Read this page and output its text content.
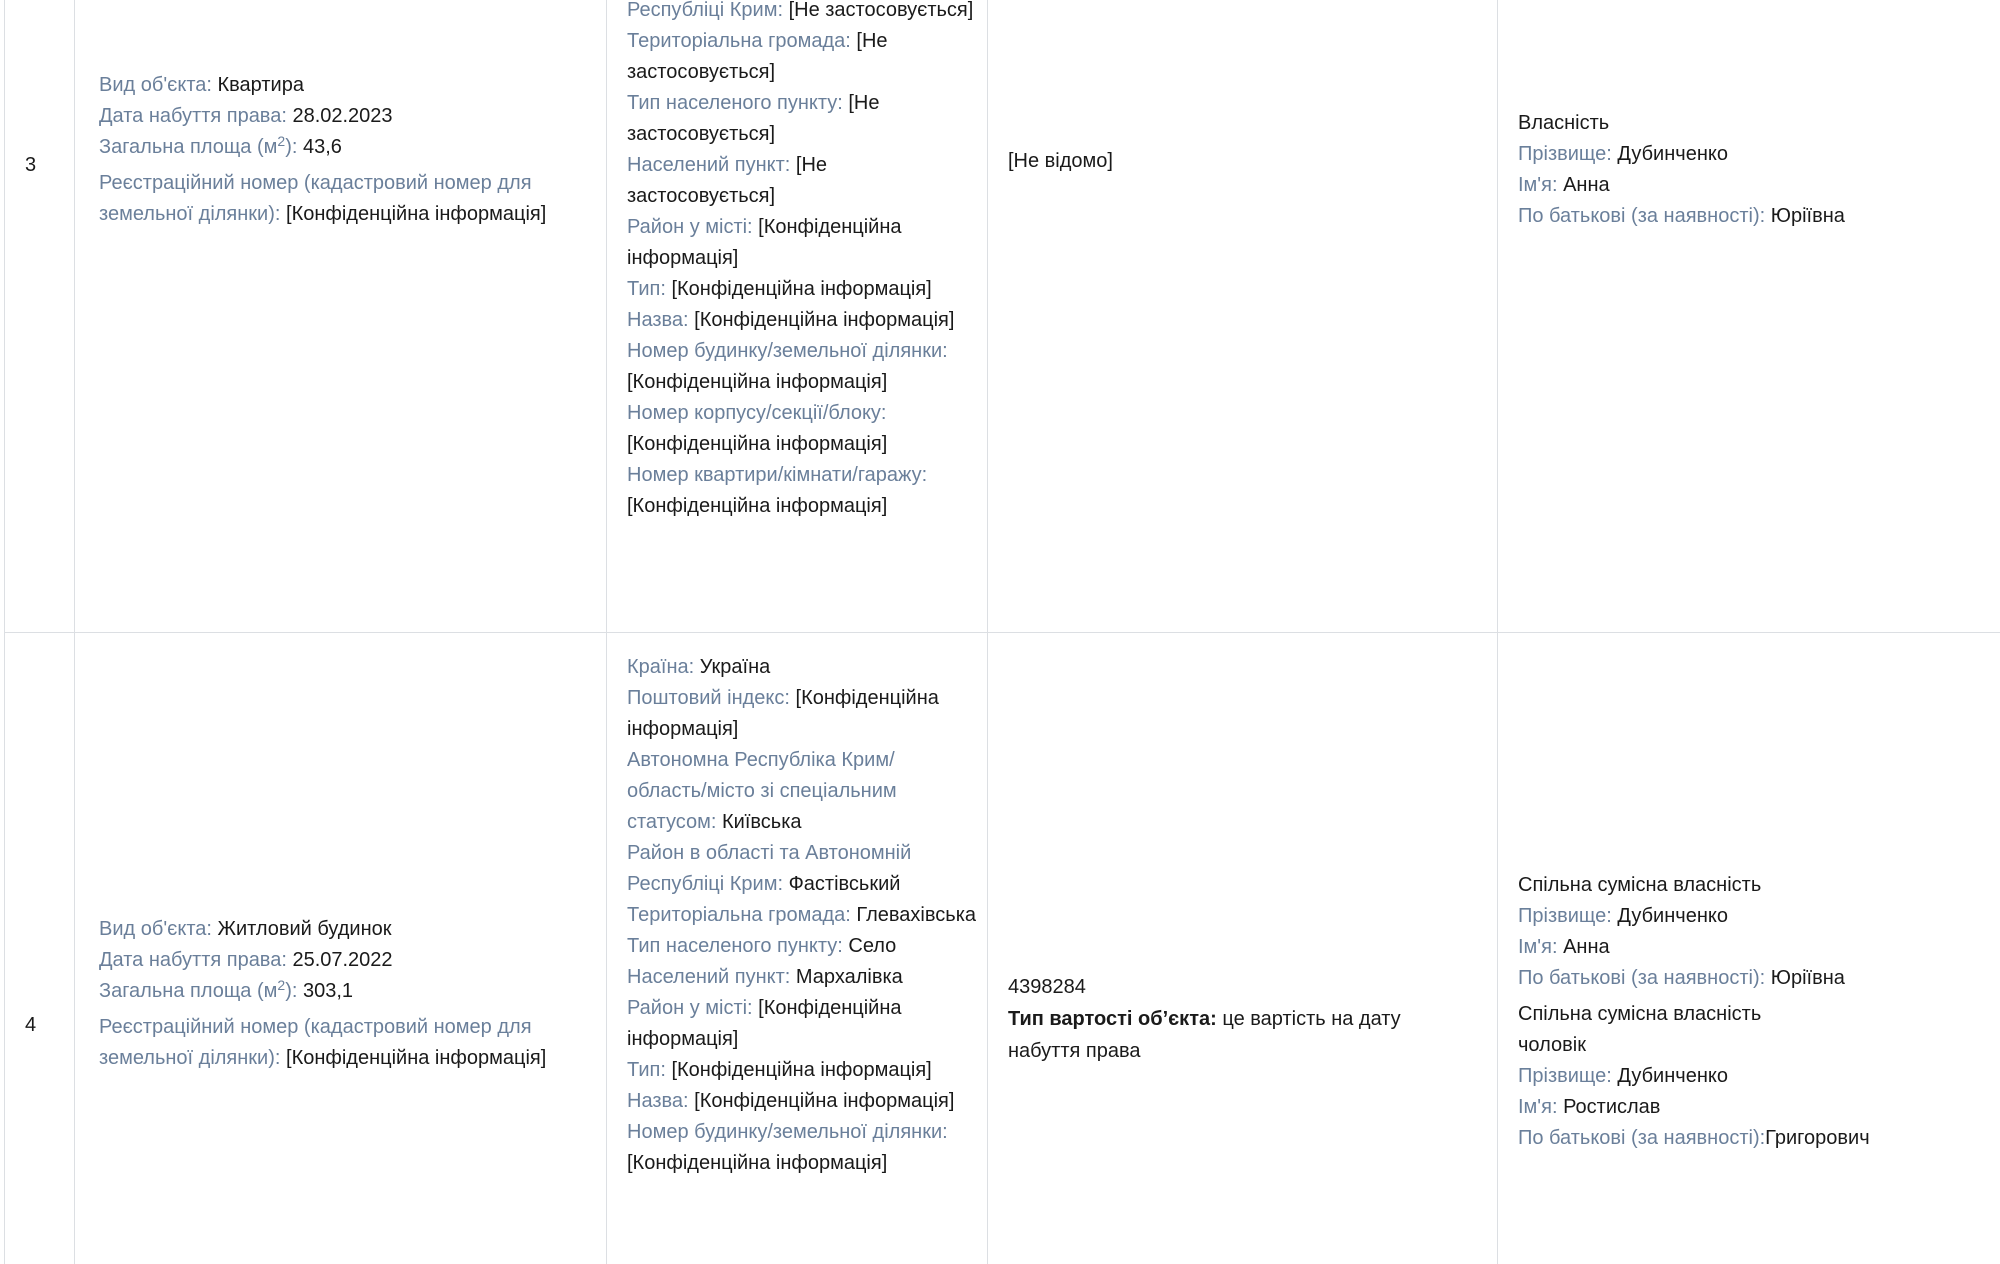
3
Вид об'єкта: Квартира
Дата набуття права: 28.02.2023
Загальна площа $(м^2)$: 43,6
Реєстраційний номер (кадастровий номер для земельної ділянки): [Конфіденційна інформація]
Республіці Крим: [Не застосовується]
Територіальна громада: [Не застосовується]
Тип населеного пункту: [Не застосовується]
Населений пункт: [Не застосовується]
Район у місті: [Конфіденційна інформація]
Тип: [Конфіденційна інформація]
Назва: [Конфіденційна інформація]
Номер будинку/земельної ділянки: [Конфіденційна інформація]
Номер корпусу/секції/блоку: [Конфіденційна інформація]
Номер квартири/кімнати/гаражу: [Конфіденційна інформація]
[Не відомо]
Власність
Прізвище: Дубинченко
Ім'я: Анна
По батькові (за наявності): Юріївна
4
Вид об'єкта: Житловий будинок
Дата набуття права: 25.07.2022
Загальна площа $(м^2)$: 303,1
Реєстраційний номер (кадастровий номер для земельної ділянки): [Конфіденційна інформація]
Країна: Україна
Поштовий індекс: [Конфіденційна інформація]
Автономна Республіка Крим/ область/місто зі спеціальним статусом: Київська
Район в області та Автономній Республіці Крим: Фастівський
Територіальна громада: Глевахівська
Тип населеного пункту: Село
Населений пункт: Мархалівка
Район у місті: [Конфіденційна інформація]
Тип: [Конфіденційна інформація]
Назва: [Конфіденційна інформація]
Номер будинку/земельної ділянки: [Конфіденційна інформація]
4398284
Тип вартості об’єкта: це вартість на дату набуття права
Спільна сумісна власність
Прізвище: Дубинченко
Ім'я: Анна
По батькові (за наявності): Юріївна
Спільна сумісна власність
чоловік
Прізвище: Дубинченко
Ім'я: Ростислав
По батькові (за наявності):Григорович
